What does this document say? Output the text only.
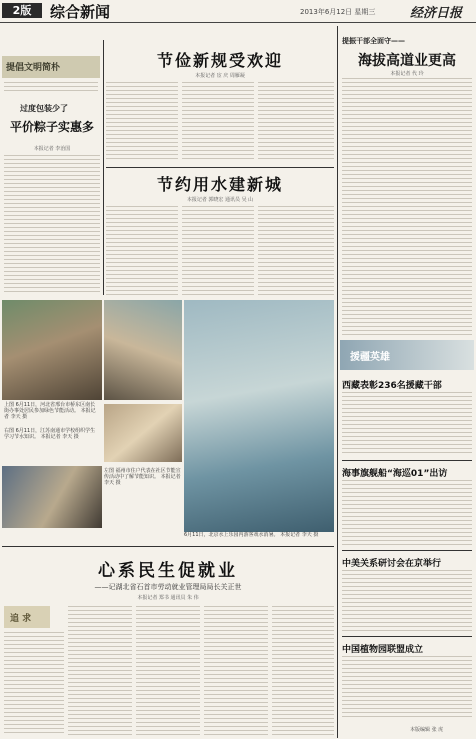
2版	综合新闻	2013年6月12日 星期三	经济日报
提倡文明简朴
过度包装少了
平价粽子实惠多
本报记者 李治国
节俭新规受欢迎
本报记者 宦 庆 周雁凝
节约用水建新城
本报记者 郭晓宏 通讯员 吴 山
上图 6月11日，河北省邢台市桥东区南长街办事处居民参加绿色节能活动。 本报记者 李天 摄
右图 6月11日，江苏南通市学校组织学生学习节水知识。 本报记者 李天 摄
左图 福州市住户代表在社区节能宣传活动中了解节能知识。 本报记者 李天 摄
6月11日，北京水上乐园内游客戏水消暑。 本报记者 李天 摄
心系民生促就业
——记湖北省石首市劳动就业管理局局长关正世
本报记者 郑书 通讯员 朱 伟
追 求
提振干部全面守——
海拔高道业更高
本报记者 代 玲
援疆英雄
西藏表彰236名援藏干部
海事旗舰船“海巡01”出访
中美关系研讨会在京举行
中国植物园联盟成立
本版编辑 张 虎
